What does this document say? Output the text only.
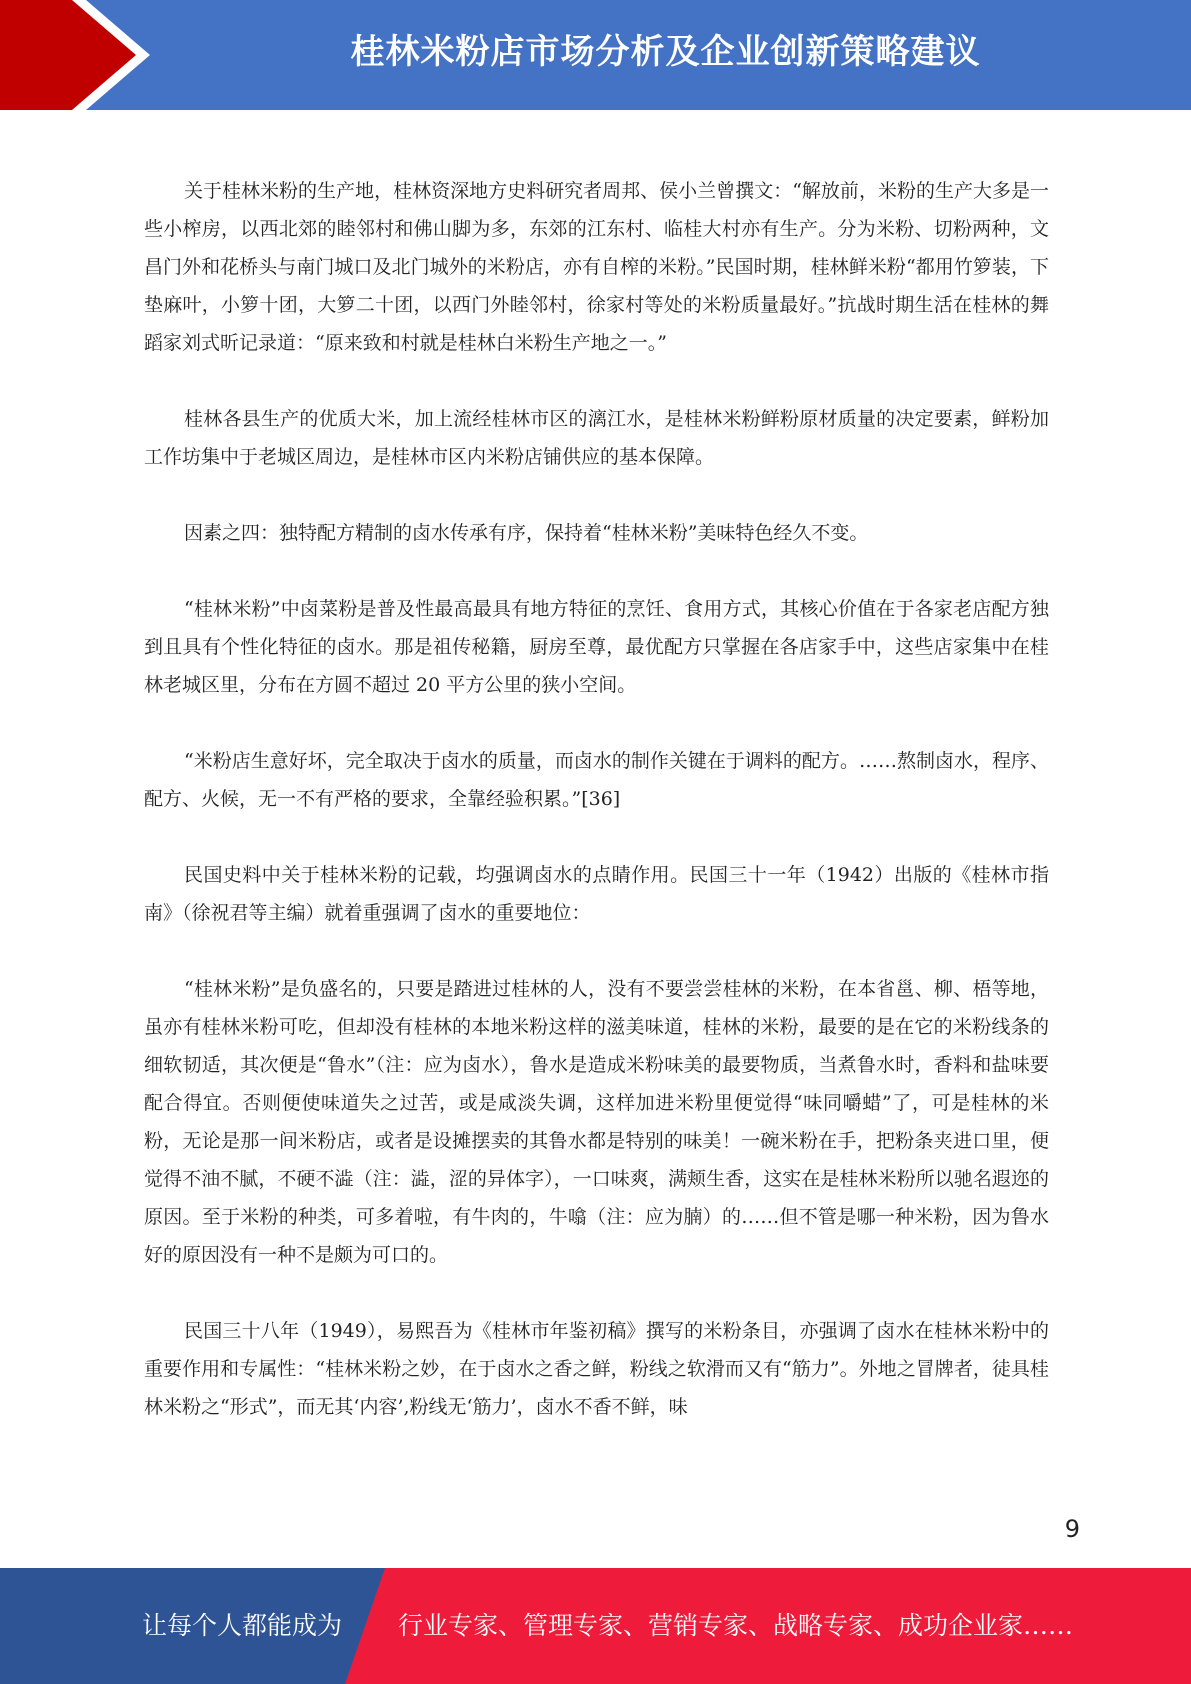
桂林米粉店市场分析及企业创新策略建议

关于桂林米粉的生产地，桂林资深地方史料研究者周邦、侯小兰曾撰文：“解放前，米粉的生产大多是一些小榨房，以西北郊的睦邻村和佛山脚为多，东郊的江东村、临桂大村亦有生产。分为米粉、切粉两种，文昌门外和花桥头与南门城口及北门城外的米粉店，亦有自榨的米粉。”民国时期，桂林鲜米粉“都用竹箩装，下垫麻叶，小箩十团，大箩二十团，以西门外睦邻村，徐家村等处的米粉质量最好。”抗战时期生活在桂林的舞蹈家刘式昕记录道：“原来致和村就是桂林白米粉生产地之一。”

桂林各县生产的优质大米，加上流经桂林市区的漓江水，是桂林米粉鲜粉原材质量的决定要素，鲜粉加工作坊集中于老城区周边，是桂林市区内米粉店铺供应的基本保障。

因素之四：独特配方精制的卤水传承有序，保持着“桂林米粉”美味特色经久不变。

“桂林米粉”中卤菜粉是普及性最高最具有地方特征的烹饪、食用方式，其核心价值在于各家老店配方独到且具有个性化特征的卤水。那是祖传秘籍，厨房至尊，最优配方只掌握在各店家手中，这些店家集中在桂林老城区里，分布在方圆不超过 20 平方公里的狭小空间。

“米粉店生意好坏，完全取决于卤水的质量，而卤水的制作关键在于调料的配方。……熬制卤水，程序、配方、火候，无一不有严格的要求，全靠经验积累。”[36]

民国史料中关于桂林米粉的记载，均强调卤水的点睛作用。民国三十一年（1942）出版的《桂林市指南》（徐祝君等主编）就着重强调了卤水的重要地位：

“桂林米粉”是负盛名的，只要是踏进过桂林的人，没有不要尝尝桂林的米粉，在本省邕、柳、梧等地，虽亦有桂林米粉可吃，但却没有桂林的本地米粉这样的滋美味道，桂林的米粉，最要的是在它的米粉线条的细软韧适，其次便是“鲁水”（注：应为卤水），鲁水是造成米粉味美的最要物质，当煮鲁水时，香料和盐味要配合得宜。否则便使味道失之过苦，或是咸淡失调，这样加进米粉里便觉得“味同嚼蜡”了，可是桂林的米粉，无论是那一间米粉店，或者是设摊摆卖的其鲁水都是特别的味美！一碗米粉在手，把粉条夹进口里，便觉得不油不腻，不硬不澁（注：澁，涩的异体字），一口味爽，满颊生香，这实在是桂林米粉所以驰名遐迩的原因。至于米粉的种类，可多着啦，有牛肉的，牛噏（注：应为腩）的……但不管是哪一种米粉，因为鲁水好的原因没有一种不是颇为可口的。

民国三十八年（1949），易熙吾为《桂林市年鉴初稿》撰写的米粉条目，亦强调了卤水在桂林米粉中的重要作用和专属性：“桂林米粉之妙，在于卤水之香之鲜，粉线之软滑而又有“筋力”。外地之冒牌者，徒具桂林米粉之“形式”，而无其‘内容’,粉线无‘筋力’，卤水不香不鲜，味

9
让每个人都能成为 行业专家、管理专家、营销专家、战略专家、成功企业家……
